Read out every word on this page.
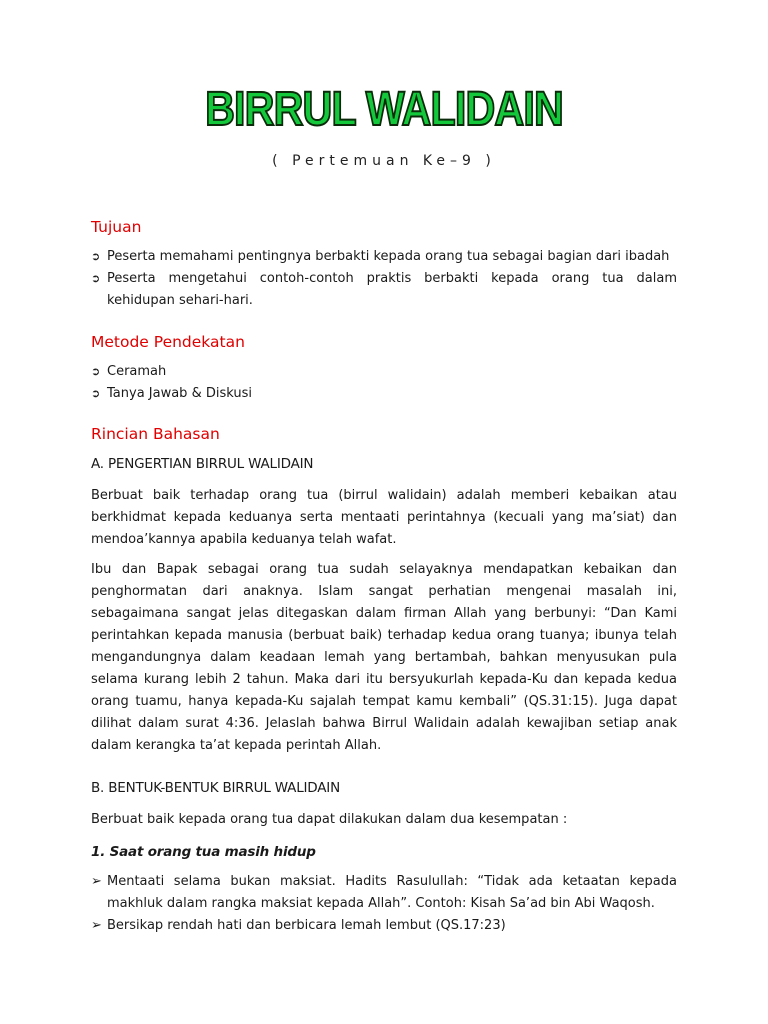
BIRRUL WALIDAIN
( Pertemuan Ke–9 )
Tujuan
➲ Peserta memahami pentingnya berbakti kepada orang tua sebagai bagian dari ibadah
➲ Peserta mengetahui contoh-contoh praktis berbakti kepada orang tua dalam kehidupan sehari-hari.
Metode Pendekatan
➲ Ceramah
➲ Tanya Jawab & Diskusi
Rincian Bahasan
A. PENGERTIAN BIRRUL WALIDAIN

Berbuat baik terhadap orang tua (birrul walidain) adalah memberi kebaikan atau berkhidmat kepada keduanya serta mentaati perintahnya (kecuali yang ma’siat) dan mendoa’kannya apabila keduanya telah wafat.

Ibu dan Bapak sebagai orang tua sudah selayaknya mendapatkan kebaikan dan penghormatan dari anaknya. Islam sangat perhatian mengenai masalah ini, sebagaimana sangat jelas ditegaskan dalam firman Allah yang berbunyi: “Dan Kami perintahkan kepada manusia (berbuat baik) terhadap kedua orang tuanya; ibunya telah mengandungnya dalam keadaan lemah yang bertambah, bahkan menyusukan pula selama kurang lebih 2 tahun. Maka dari itu bersyukurlah kepada-Ku dan kepada kedua orang tuamu, hanya kepada-Ku sajalah tempat kamu kembali” (QS.31:15). Juga dapat dilihat dalam surat 4:36. Jelaslah bahwa Birrul Walidain adalah kewajiban setiap anak dalam kerangka ta’at kepada perintah Allah.

B. BENTUK-BENTUK BIRRUL WALIDAIN

Berbuat baik kepada orang tua dapat dilakukan dalam dua kesempatan :

1. Saat orang tua masih hidup
➢ Mentaati selama bukan maksiat. Hadits Rasulullah: “Tidak ada ketaatan kepada makhluk dalam rangka maksiat kepada Allah”. Contoh: Kisah Sa’ad bin Abi Waqosh.
➢ Bersikap rendah hati dan berbicara lemah lembut (QS.17:23)
